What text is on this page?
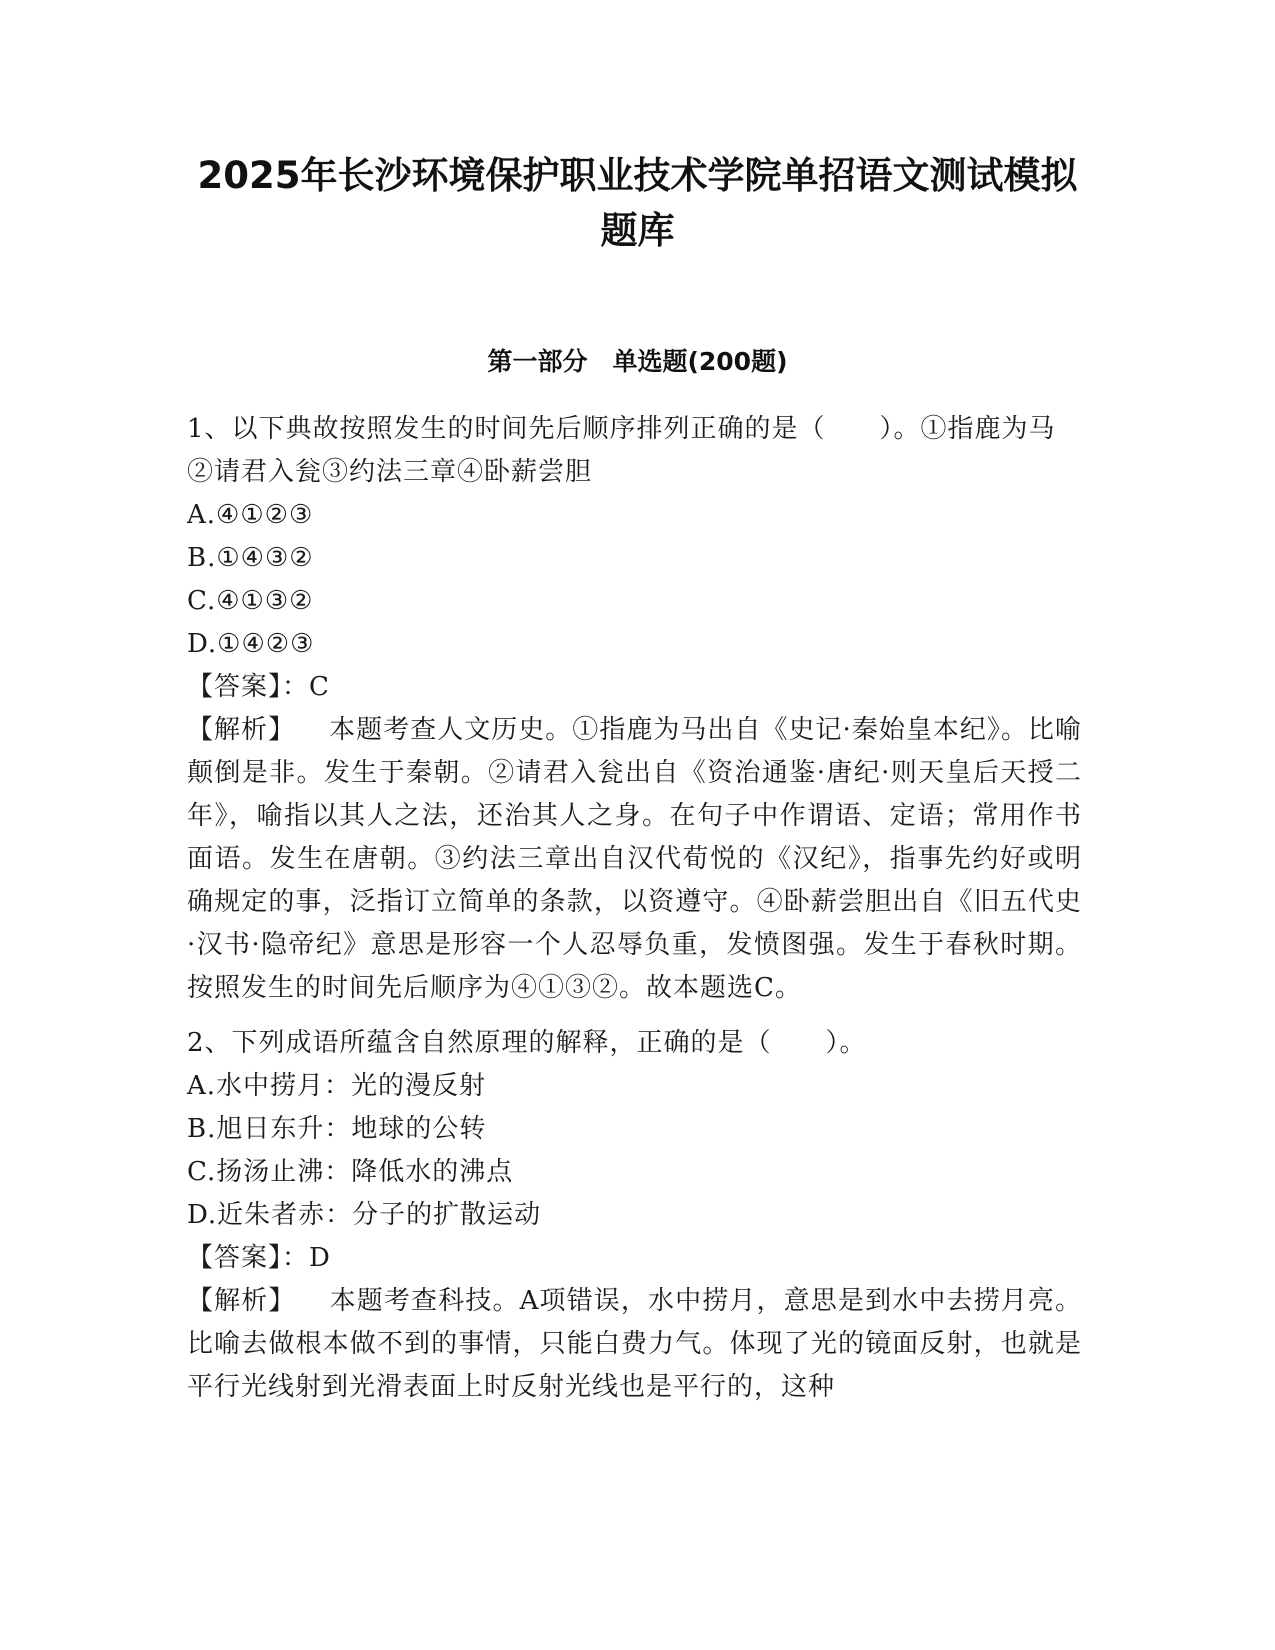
2025年长沙环境保护职业技术学院单招语文测试模拟
题库
第一部分　单选题(200题)

1、以下典故按照发生的时间先后顺序排列正确的是（　　）。①指鹿为马②请君入瓮③约法三章④卧薪尝胆

A.④①②③

B.①④③②

C.④①③②

D.①④②③

【答案】：C

【解析】 本题考查人文历史。①指鹿为马出自《史记·秦始皇本纪》。比喻颠倒是非。发生于秦朝。②请君入瓮出自《资治通鉴·唐纪·则天皇后天授二年》，喻指以其人之法，还治其人之身。在句子中作谓语、定语；常用作书面语。发生在唐朝。③约法三章出自汉代荀悦的《汉纪》，指事先约好或明确规定的事，泛指订立简单的条款，以资遵守。④卧薪尝胆出自《旧五代史·汉书·隐帝纪》意思是形容一个人忍辱负重，发愤图强。发生于春秋时期。按照发生的时间先后顺序为④①③②。故本题选C。

2、下列成语所蕴含自然原理的解释，正确的是（　　）。

A.水中捞月：光的漫反射

B.旭日东升：地球的公转

C.扬汤止沸：降低水的沸点

D.近朱者赤：分子的扩散运动

【答案】：D

【解析】 本题考查科技。A项错误，水中捞月，意思是到水中去捞月亮。比喻去做根本做不到的事情，只能白费力气。体现了光的镜面反射，也就是平行光线射到光滑表面上时反射光线也是平行的，这种
